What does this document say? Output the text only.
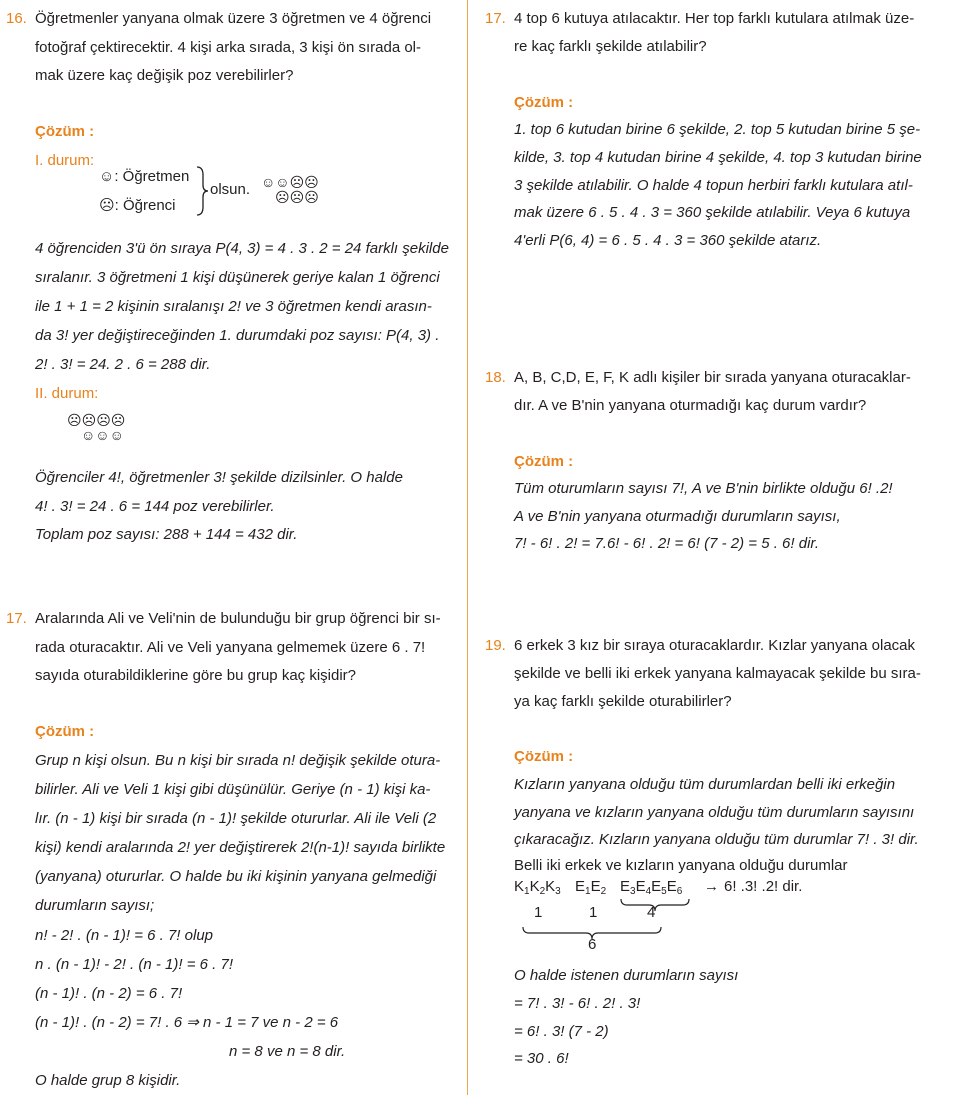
16. Öğretmenler yanyana olmak üzere 3 öğretmen ve 4 öğrenci
fotoğraf çektirecektir. 4 kişi arka sırada, 3 kişi ön sırada ol-
mak üzere kaç değişik poz verebilirler?
Çözüm :
I. durum:
☺: Öğretmen
☹: Öğrenci
olsun. ☺☺☹☹
☹☹☹
4 öğrenciden 3'ü ön sıraya P(4, 3) = 4 . 3 . 2 = 24 farklı şekilde
sıralanır. 3 öğretmeni 1 kişi düşünerek geriye kalan 1 öğrenci
ile 1 + 1 = 2 kişinin sıralanışı 2! ve 3 öğretmen kendi arasın-
da 3! yer değiştireceğinden 1. durumdaki poz sayısı: P(4, 3) .
2! . 3! = 24. 2 . 6 = 288 dir.
II. durum:
☹☹☹☹
☺☺☺
Öğrenciler 4!, öğretmenler 3! şekilde dizilsinler. O halde
4! . 3! = 24 . 6 = 144 poz verebilirler.
Toplam poz sayısı: 288 + 144 = 432 dir.
17. Aralarında Ali ve Veli'nin de bulunduğu bir grup öğrenci bir sı-
rada oturacaktır. Ali ve Veli yanyana gelmemek üzere 6 . 7!
sayıda oturabildiklerine göre bu grup kaç kişidir?
Çözüm :
Grup n kişi olsun. Bu n kişi bir sırada n! değişik şekilde otura-
bilirler. Ali ve Veli 1 kişi gibi düşünülür. Geriye (n - 1) kişi ka-
lır. (n - 1) kişi bir sırada (n - 1)! şekilde otururlar. Ali ile Veli (2
kişi) kendi aralarında 2! yer değiştirerek 2!(n-1)! sayıda birlikte
(yanyana) otururlar. O halde bu iki kişinin yanyana gelmediği
durumların sayısı;
n! - 2! . (n - 1)! = 6 . 7! olup
n . (n - 1)! - 2! . (n - 1)! = 6 . 7!
(n - 1)! . (n - 2) = 6 . 7!
(n - 1)! . (n - 2) = 7! . 6 ⇒ n - 1 = 7 ve n - 2 = 6
n = 8 ve n = 8 dir.
O halde grup 8 kişidir.
17. 4 top 6 kutuya atılacaktır. Her top farklı kutulara atılmak üze-
re kaç farklı şekilde atılabilir?
Çözüm :
1. top 6 kutudan birine 6 şekilde, 2. top 5 kutudan birine 5 şe-
kilde, 3. top 4 kutudan birine 4 şekilde, 4. top 3 kutudan birine
3 şekilde atılabilir. O halde 4 topun herbiri farklı kutulara atıl-
mak üzere 6 . 5 . 4 . 3 = 360 şekilde atılabilir. Veya 6 kutuya
4'erli P(6, 4) = 6 . 5 . 4 . 3 = 360 şekilde atarız.
18. A, B, C,D, E, F, K adlı kişiler bir sırada yanyana oturacaklar-
dır. A ve B'nin yanyana oturmadığı kaç durum vardır?
Çözüm :
Tüm oturumların sayısı 7!, A ve B'nin birlikte olduğu 6! .2!
A ve B'nin yanyana oturmadığı durumların sayısı,
7! - 6! . 2! = 7.6! - 6! . 2! = 6! (7 - 2) = 5 . 6! dir.
19. 6 erkek 3 kız bir sıraya oturacaklardır. Kızlar yanyana olacak
şekilde ve belli iki erkek yanyana kalmayacak şekilde bu sıra-
ya kaç farklı şekilde oturabilirler?
Çözüm :
Kızların yanyana olduğu tüm durumlardan belli iki erkeğin
yanyana ve kızların yanyana olduğu tüm durumların sayısını
çıkaracağız. Kızların yanyana olduğu tüm durumlar 7! . 3! dir.
Belli iki erkek ve kızların yanyana olduğu durumlar
$K_1K_2K_3$ $E_1E_2$ $E_3E_4E_5E_6 \to 6$! .3! .2! dir.
1	1	4
6
O halde istenen durumların sayısı
= 7! . 3! - 6! . 2! . 3!
= 6! . 3! (7 - 2)
= 30 . 6!
